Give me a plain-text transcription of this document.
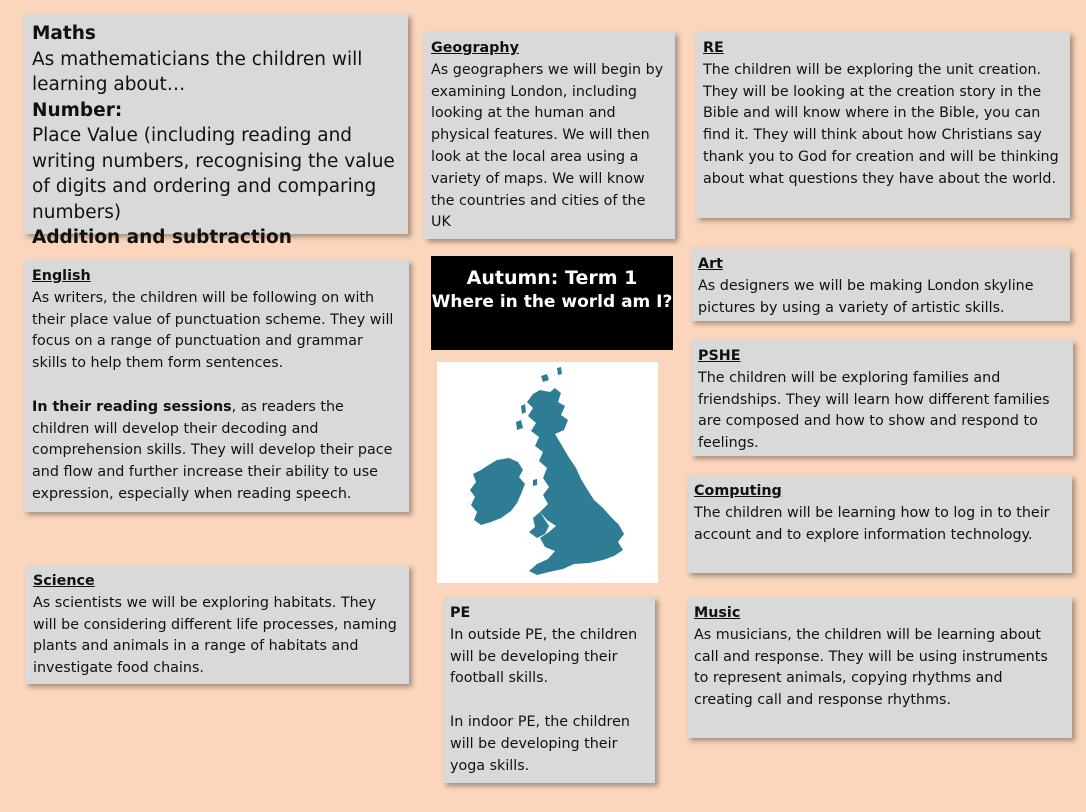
Maths
As mathematicians the children will learning about…
Number:
Place Value (including reading and writing numbers, recognising the value of digits and ordering and comparing numbers)
Addition and subtraction
Geography

As geographers we will begin by examining London, including looking at the human and physical features. We will then look at the local area using a variety of maps. We will know the countries and cities of the UK

RE

The children will be exploring the unit creation. They will be looking at the creation story in the Bible and will know where in the Bible, you can find it. They will think about how Christians say thank you to God for creation and will be thinking about what questions they have about the world.

English

As writers, the children will be following on with their place value of punctuation scheme. They will focus on a range of punctuation and grammar skills to help them form sentences.

In their reading sessions, as readers the children will develop their decoding and comprehension skills. They will develop their pace and flow and further increase their ability to use expression, especially when reading speech.

Autumn: Term 1
Where in the world am I?
Art

As designers we will be making London skyline pictures by using a variety of artistic skills.

PSHE

The children will be exploring families and friendships. They will learn how different families are composed and how to show and respond to feelings.

Computing

The children will be learning how to log in to their account and to explore information technology.

Science

As scientists we will be exploring habitats. They will be considering different life processes, naming plants and animals in a range of habitats and investigate food chains.

PE

In outside PE, the children will be developing their football skills.

In indoor PE, the children will be developing their yoga skills.

Music

As musicians, the children will be learning about call and response. They will be using instruments to represent animals, copying rhythms and creating call and response rhythms.
